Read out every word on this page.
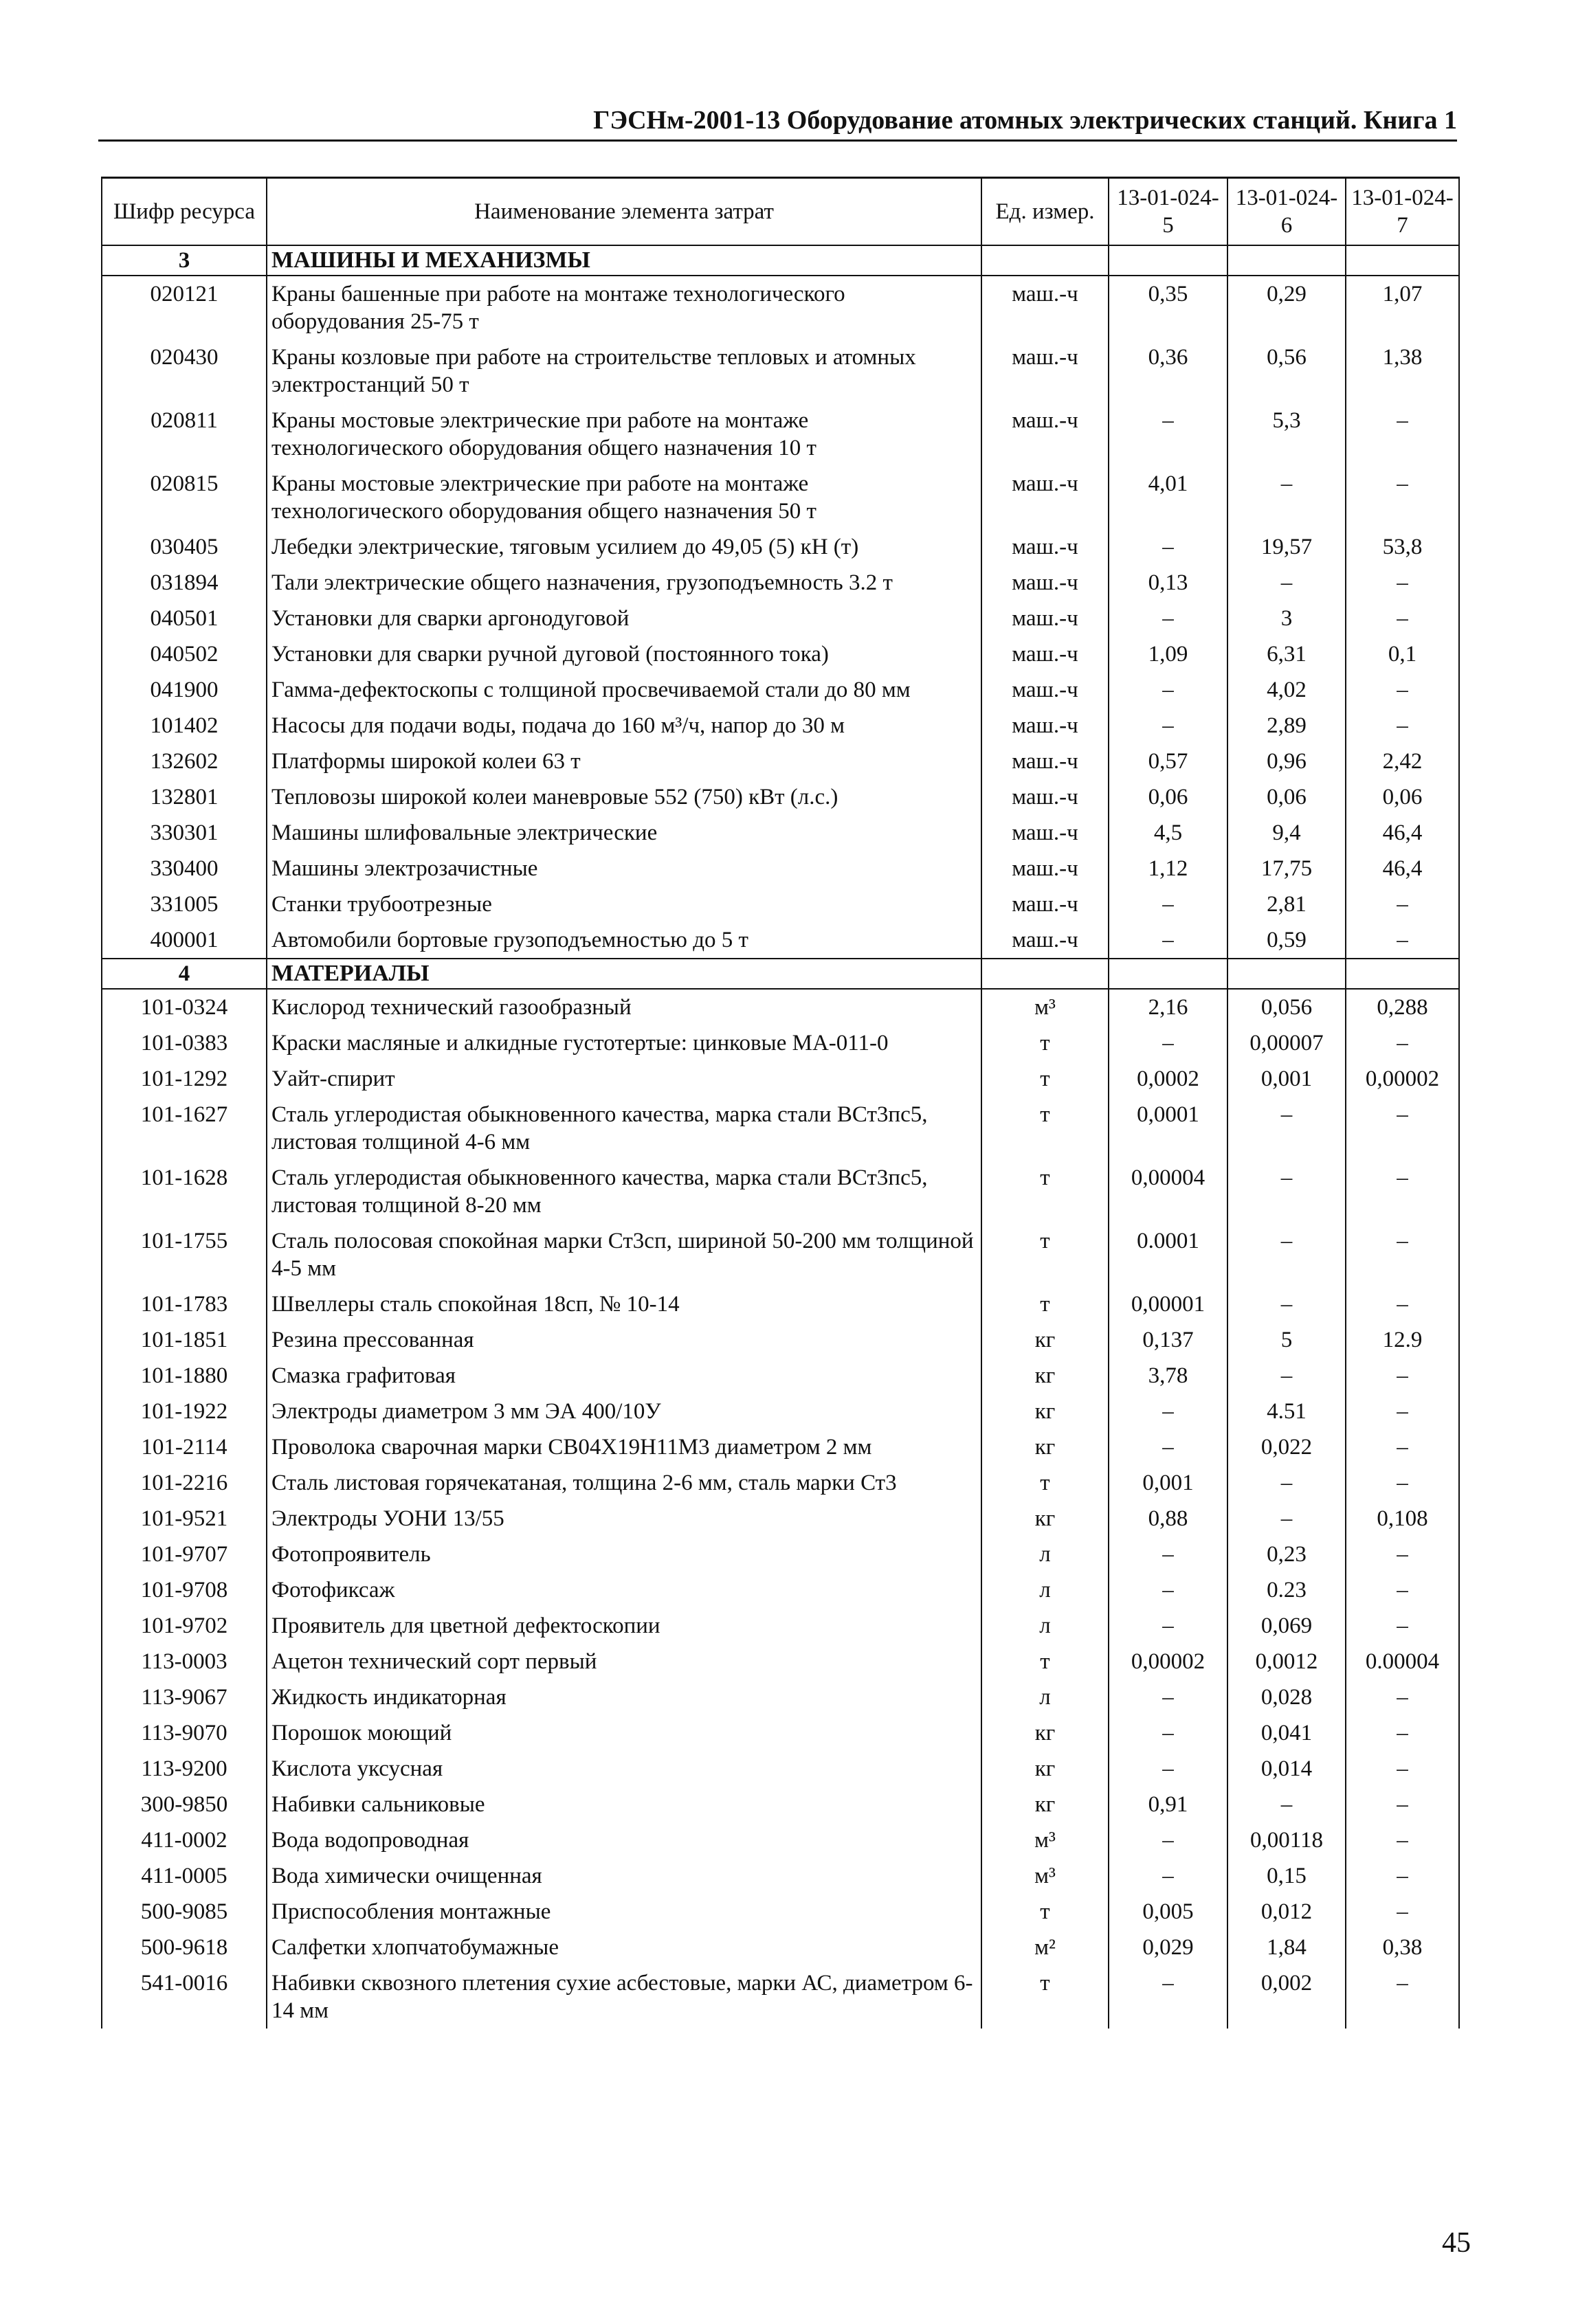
ГЭСНм-2001-13 Оборудование атомных электрических станций. Книга 1
Шифр ресурса	Наименование элемента затрат	Ед. измер.	13-01-024-5	13-01-024-6	13-01-024-7
3	МАШИНЫ И МЕХАНИЗМЫ				
020121	Краны башенные при работе на монтаже технологического оборудования 25-75 т	маш.-ч	0,35	0,29	1,07
020430	Краны козловые при работе на строительстве тепловых и атомных электростанций 50 т	маш.-ч	0,36	0,56	1,38
020811	Краны мостовые электрические при работе на монтаже технологического оборудования общего назначения 10 т	маш.-ч	–	5,3	–
020815	Краны мостовые электрические при работе на монтаже технологического оборудования общего назначения 50 т	маш.-ч	4,01	–	–
030405	Лебедки электрические, тяговым усилием до 49,05 (5) кН (т)	маш.-ч	–	19,57	53,8
031894	Тали электрические общего назначения, грузоподъемность 3.2 т	маш.-ч	0,13	–	–
040501	Установки для сварки аргонодуговой	маш.-ч	–	3	–
040502	Установки для сварки ручной дуговой (постоянного тока)	маш.-ч	1,09	6,31	0,1
041900	Гамма-дефектоскопы с толщиной просвечиваемой стали до 80 мм	маш.-ч	–	4,02	–
101402	Насосы для подачи воды, подача до 160 м³/ч, напор до 30 м	маш.-ч	–	2,89	–
132602	Платформы широкой колеи 63 т	маш.-ч	0,57	0,96	2,42
132801	Тепловозы широкой колеи маневровые 552 (750) кВт (л.с.)	маш.-ч	0,06	0,06	0,06
330301	Машины шлифовальные электрические	маш.-ч	4,5	9,4	46,4
330400	Машины электрозачистные	маш.-ч	1,12	17,75	46,4
331005	Станки трубоотрезные	маш.-ч	–	2,81	–
400001	Автомобили бортовые грузоподъемностью до 5 т	маш.-ч	–	0,59	–
4	МАТЕРИАЛЫ				
101-0324	Кислород технический газообразный	м³	2,16	0,056	0,288
101-0383	Краски масляные и алкидные густотертые: цинковые МА-011-0	т	–	0,00007	–
101-1292	Уайт-спирит	т	0,0002	0,001	0,00002
101-1627	Сталь углеродистая обыкновенного качества, марка стали ВСт3пс5, листовая толщиной 4-6 мм	т	0,0001	–	–
101-1628	Сталь углеродистая обыкновенного качества, марка стали ВСт3пс5, листовая толщиной 8-20 мм	т	0,00004	–	–
101-1755	Сталь полосовая спокойная марки Ст3сп, шириной 50-200 мм толщиной 4-5 мм	т	0.0001	–	–
101-1783	Швеллеры сталь спокойная 18сп, № 10-14	т	0,00001	–	–
101-1851	Резина прессованная	кг	0,137	5	12.9
101-1880	Смазка графитовая	кг	3,78	–	–
101-1922	Электроды диаметром 3 мм ЭА 400/10У	кг	–	4.51	–
101-2114	Проволока сварочная марки СВ04Х19Н11М3 диаметром 2 мм	кг	–	0,022	–
101-2216	Сталь листовая горячекатаная, толщина 2-6 мм, сталь марки Ст3	т	0,001	–	–
101-9521	Электроды УОНИ 13/55	кг	0,88	–	0,108
101-9707	Фотопроявитель	л	–	0,23	–
101-9708	Фотофиксаж	л	–	0.23	–
101-9702	Проявитель для цветной дефектоскопии	л	–	0,069	–
113-0003	Ацетон технический сорт первый	т	0,00002	0,0012	0.00004
113-9067	Жидкость индикаторная	л	–	0,028	–
113-9070	Порошок моющий	кг	–	0,041	–
113-9200	Кислота уксусная	кг	–	0,014	–
300-9850	Набивки сальниковые	кг	0,91	–	–
411-0002	Вода водопроводная	м³	–	0,00118	–
411-0005	Вода химически очищенная	м³	–	0,15	–
500-9085	Приспособления монтажные	т	0,005	0,012	–
500-9618	Салфетки хлопчатобумажные	м²	0,029	1,84	0,38
541-0016	Набивки сквозного плетения сухие асбестовые, марки АС, диаметром 6-14 мм	т	–	0,002	–
45
